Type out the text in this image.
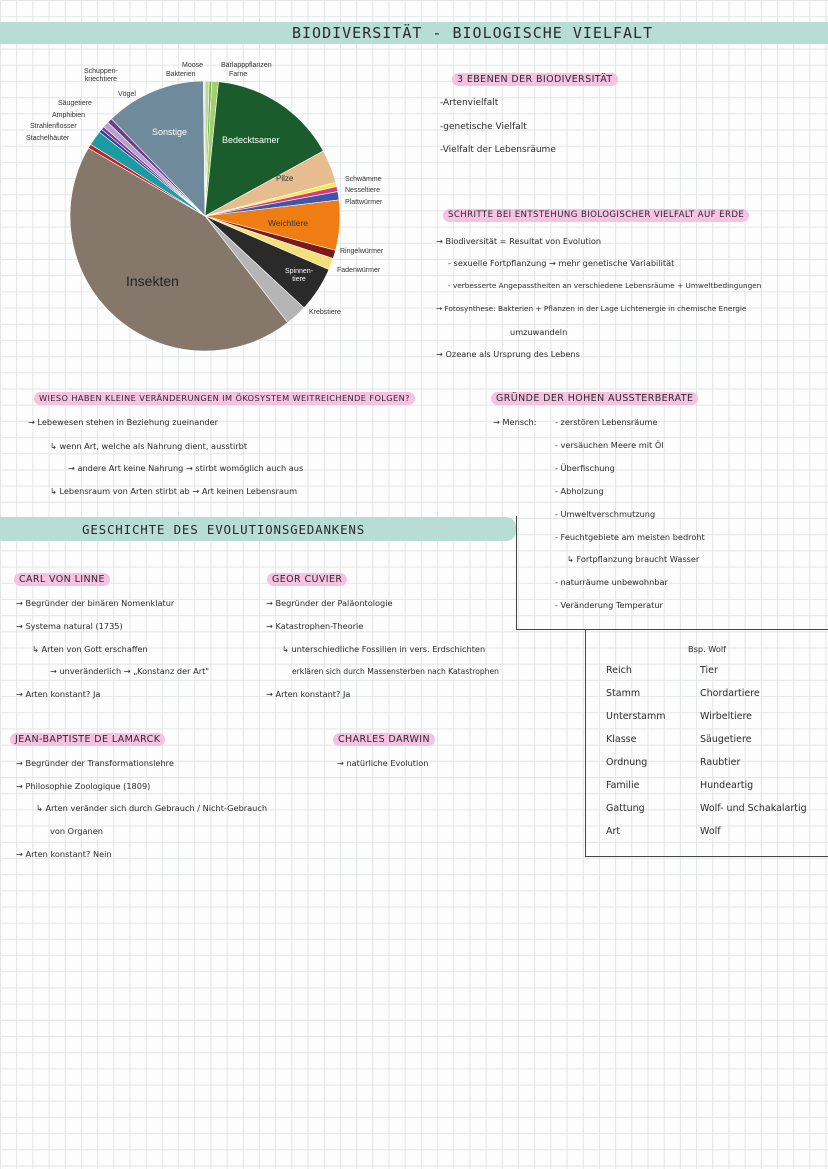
BIODIVERSITÄT - BIOLOGISCHE VIELFALT
Moose	Bärlapppflanzen
Farne
Bakterien
Schuppen-
kriechtiere
Vögel
Säugetiere
Amphibien
Strahlenflosser
Stachelhäuter
Schwämme
Nesseltiere
Plattwürmer
Ringelwürmer
Fadenwürmer
Krebstiere
Sonstige
Bedecktsamer
Pilze
Weichtiere
Spinnen-
tiere
Insekten
3 EBENEN DER BIODIVERSITÄT
-Artenvielfalt
-genetische Vielfalt
-Vielfalt der Lebensräume
SCHRITTE BEI ENTSTEHUNG BIOLOGISCHER VIELFALT AUF ERDE
→ Biodiversität = Resultat von Evolution
- sexuelle Fortpflanzung → mehr genetische Variabilität
- verbesserte Angepasstheiten an verschiedene Lebensräume + Umweltbedingungen
→ Fotosynthese: Bakterien + Pflanzen in der Lage Lichtenergie in chemische Energie
umzuwandeln
→ Ozeane als Ursprung des Lebens
WIESO HABEN KLEINE VERÄNDERUNGEN IM ÖKOSYSTEM WEITREICHENDE FOLGEN?
→ Lebewesen stehen in Beziehung zueinander
↳ wenn Art, welche als Nahrung dient, ausstirbt
→ andere Art keine Nahrung → stirbt womöglich auch aus
↳ Lebensraum von Arten stirbt ab → Art keinen Lebensraum
GRÜNDE DER HOHEN AUSSTERBERATE
→ Mensch: - zerstören Lebensräume
- versäuchen Meere mit Öl
- Überfischung
- Abholzung
- Umweltverschmutzung
- Feuchtgebiete am meisten bedroht
↳ Fortpflanzung braucht Wasser
- naturräume unbewohnbar
- Veränderung Temperatur
GESCHICHTE DES EVOLUTIONSGEDANKENS
CARL VON LINNE
→ Begründer der binären Nomenklatur
→ Systema natural (1735)
↳ Arten von Gott erschaffen
→ unveränderlich → „Konstanz der Art"
→ Arten konstant? Ja
GEOR CUVIER
→ Begründer der Paläontologie
→ Katastrophen-Theorie
↳ unterschiedliche Fossilien in vers. Erdschichten
erklären sich durch Massensterben nach Katastrophen
→ Arten konstant? Ja
JEAN-BAPTISTE DE LAMARCK
→ Begründer der Transformationslehre
→ Philosophie Zoologique (1809)
↳ Arten veränder sich durch Gebrauch / Nicht-Gebrauch
von Organen
→ Arten konstant? Nein
CHARLES DARWIN
→ natürliche Evolution
Bsp. Wolf
Reich	Tier
Stamm	Chordartiere
Unterstamm	Wirbeltiere
Klasse	Säugetiere
Ordnung	Raubtier
Familie	Hundeartig
Gattung	Wolf- und Schakalartig
Art	Wolf
